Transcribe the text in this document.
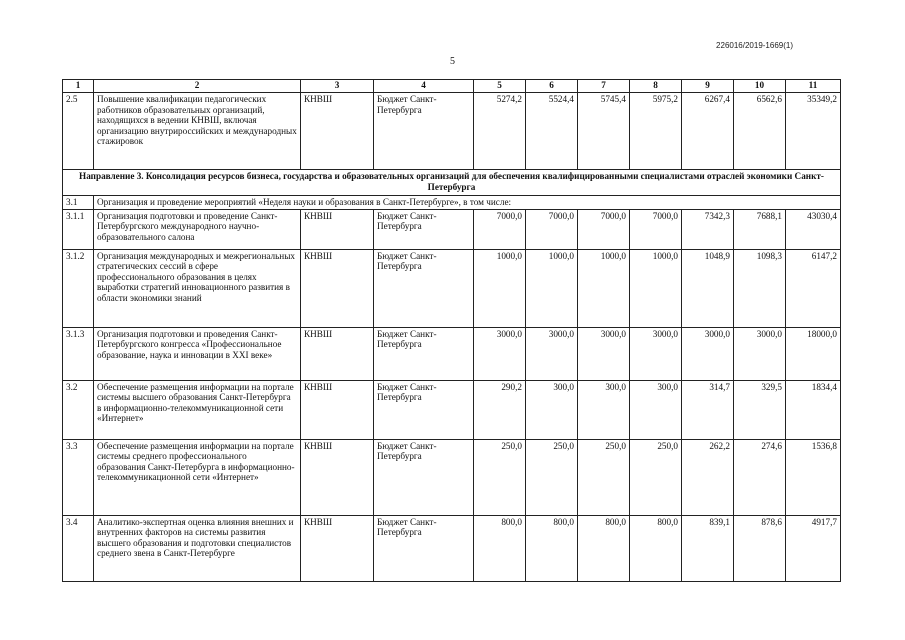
226016/2019-1669(1)
5
1	2	3	4	5	6	7	8	9	10	11
2.5	Повышение квалификации педагогических работников образовательных организаций, находящихся в ведении КНВШ, включая организацию внутрироссийских и международных стажировок	КНВШ	Бюджет Санкт-Петербурга	5274,2	5524,4	5745,4	5975,2	6267,4	6562,6	35349,2
Направление 3. Консолидация ресурсов бизнеса, государства и образовательных организаций для обеспечения квалифицированными специалистами отраслей экономики Санкт-Петербурга										
3.1	Организация и проведение мероприятий «Неделя науки и образования в Санкт-Петербурге», в том числе:									
3.1.1	Организация подготовки и проведение Санкт-Петербургского международного научно-образовательного салона	КНВШ	Бюджет Санкт-Петербурга	7000,0	7000,0	7000,0	7000,0	7342,3	7688,1	43030,4
3.1.2	Организация международных и межрегиональных стратегических сессий в сфере профессионального образования в целях выработки стратегий инновационного развития в области экономики знаний	КНВШ	Бюджет Санкт-Петербурга	1000,0	1000,0	1000,0	1000,0	1048,9	1098,3	6147,2
3.1.3	Организация подготовки и проведения Санкт-Петербургского конгресса «Профессиональное образование, наука и инновации в XXI веке»	КНВШ	Бюджет Санкт-Петербурга	3000,0	3000,0	3000,0	3000,0	3000,0	3000,0	18000,0
3.2	Обеспечение размещения информации на портале системы высшего образования Санкт-Петербурга в информационно-телекоммуникационной сети «Интернет»	КНВШ	Бюджет Санкт-Петербурга	290,2	300,0	300,0	300,0	314,7	329,5	1834,4
3.3	Обеспечение размещения информации на портале системы среднего профессионального образования Санкт-Петербурга в информационно-телекоммуникационной сети «Интернет»	КНВШ	Бюджет Санкт-Петербурга	250,0	250,0	250,0	250,0	262,2	274,6	1536,8
3.4	Аналитико-экспертная оценка влияния внешних и внутренних факторов на системы развития высшего образования и подготовки специалистов среднего звена в Санкт-Петербурге	КНВШ	Бюджет Санкт-Петербурга	800,0	800,0	800,0	800,0	839,1	878,6	4917,7
